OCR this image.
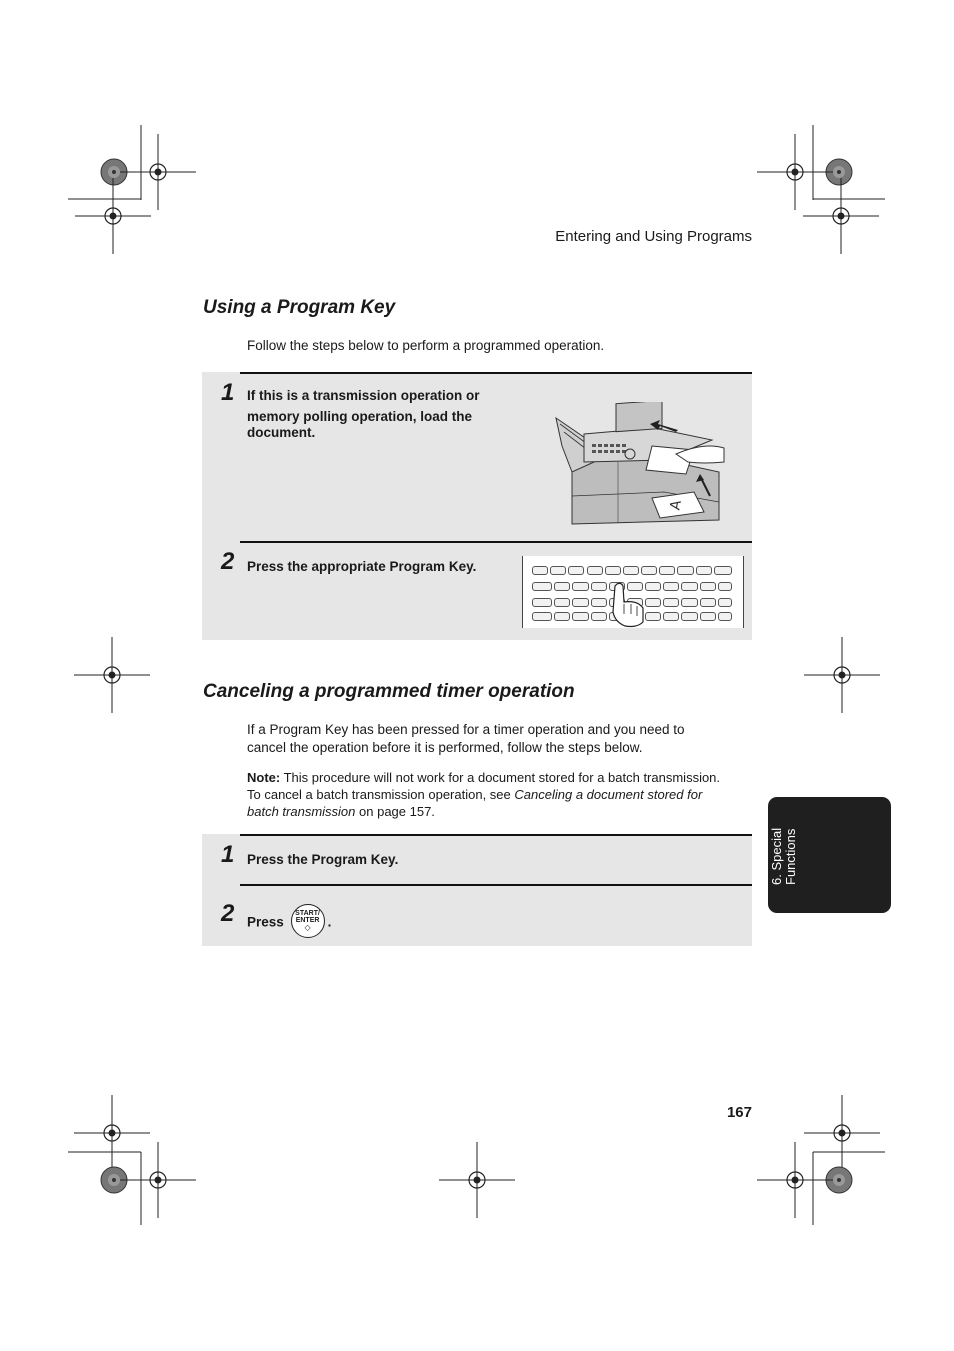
Entering and Using Programs
Using a Program Key
Follow the steps below to perform a programmed operation.
1 If this is a transmission operation or
memory polling operation, load the
document.
A
2 Press the appropriate Program Key.
Canceling a programmed timer operation
If a Program Key has been pressed for a timer operation and you need to
cancel the operation before it is performed, follow the steps below.
Note: This procedure will not work for a document stored for a batch transmission.
To cancel a batch transmission operation, see Canceling a document stored for
batch transmission on page 157.
1 Press the Program Key.
2 Press
START/
ENTER
◇	.
6. Special Functions
167
